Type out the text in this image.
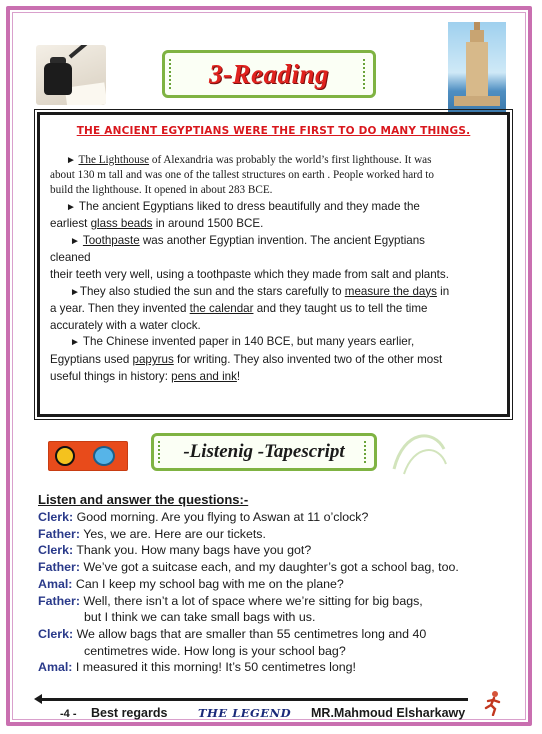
3-Reading
THE ANCIENT EGYPTIANS WERE THE FIRST TO DO MANY THINGS.

► The Lighthouse of Alexandria was probably the world’s first lighthouse. It was
about 130 m tall and was one of the tallest structures on earth . People worked hard to
build the lighthouse. It opened in about 283 BCE.

► The ancient Egyptians liked to dress beautifully and they made the
earliest glass beads in around 1500 BCE.

► Toothpaste was another Egyptian invention. The ancient Egyptians
cleaned
their teeth very well, using a toothpaste which they made from salt and plants.

►They also studied the sun and the stars carefully to measure the days in
a year. Then they invented the calendar and they taught us to tell the time
accurately with a water clock.

► The Chinese invented paper in 140 BCE, but many years earlier,
Egyptians used papyrus for writing. They also invented two of the other most
useful things in history: pens and ink!

-Listenig -Tapescript
Listen and answer the questions:-
Clerk: Good morning. Are you flying to Aswan at 11 o’clock?
Father: Yes, we are. Here are our tickets.
Clerk: Thank you. How many bags have you got?
Father: We’ve got a suitcase each, and my daughter’s got a school bag, too.
Amal: Can I keep my school bag with me on the plane?
Father: Well, there isn’t a lot of space where we’re sitting for big bags,
but I think we can take small bags with us.
Clerk: We allow bags that are smaller than 55 centimetres long and 40
centimetres wide. How long is your school bag?
Amal: I measured it this morning! It’s 50 centimetres long!
-4 - Best regards	THE LEGEND MR.Mahmoud Elsharkawy
